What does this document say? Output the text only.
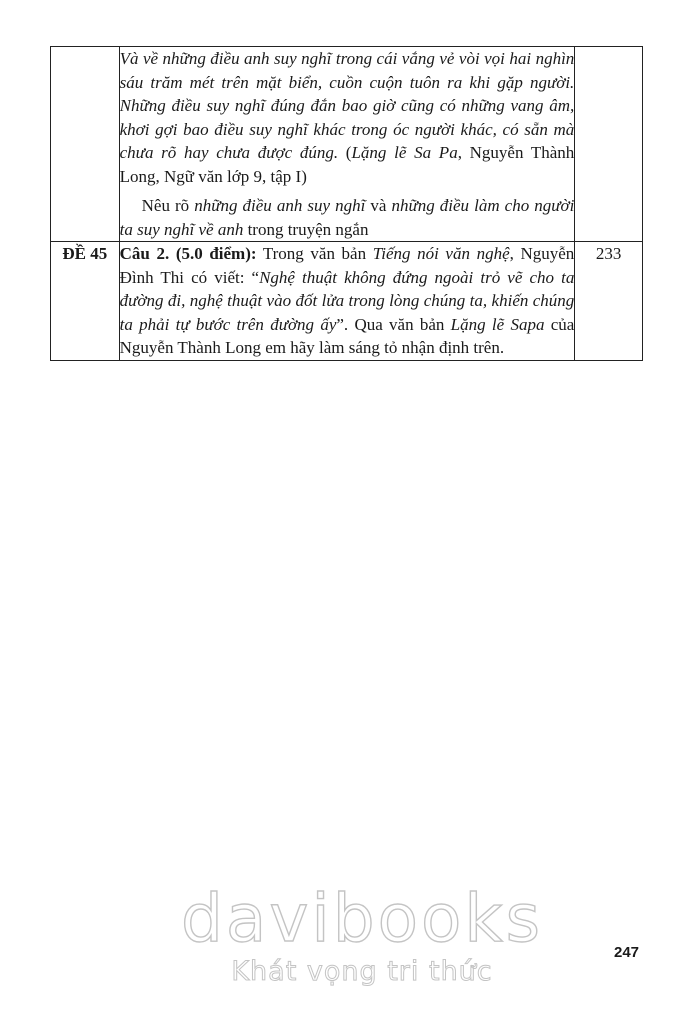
	Và về những điều anh suy nghĩ trong cái vắng vẻ vòi vọi hai nghìn sáu trăm mét trên mặt biển, cuồn cuộn tuôn ra khi gặp người. Những điều suy nghĩ đúng đắn bao giờ cũng có những vang âm, khơi gợi bao điều suy nghĩ khác trong óc người khác, có sẵn mà chưa rõ hay chưa được đúng. (Lặng lẽ Sa Pa, Nguyễn Thành Long, Ngữ văn lớp 9, tập I)

Nêu rõ những điều anh suy nghĩ và những điều làm cho người ta suy nghĩ về anh trong truyện ngắn	

ĐỀ 45	Câu 2. (5.0 điểm): Trong văn bản Tiếng nói văn nghệ, Nguyễn Đình Thi có viết: “Nghệ thuật không đứng ngoài trỏ vẽ cho ta đường đi, nghệ thuật vào đốt lửa trong lòng chúng ta, khiến chúng ta phải tự bước trên đường ấy”. Qua văn bản Lặng lẽ Sapa của Nguyễn Thành Long em hãy làm sáng tỏ nhận định trên.	233
davibooks
Khát vọng tri thức
247
